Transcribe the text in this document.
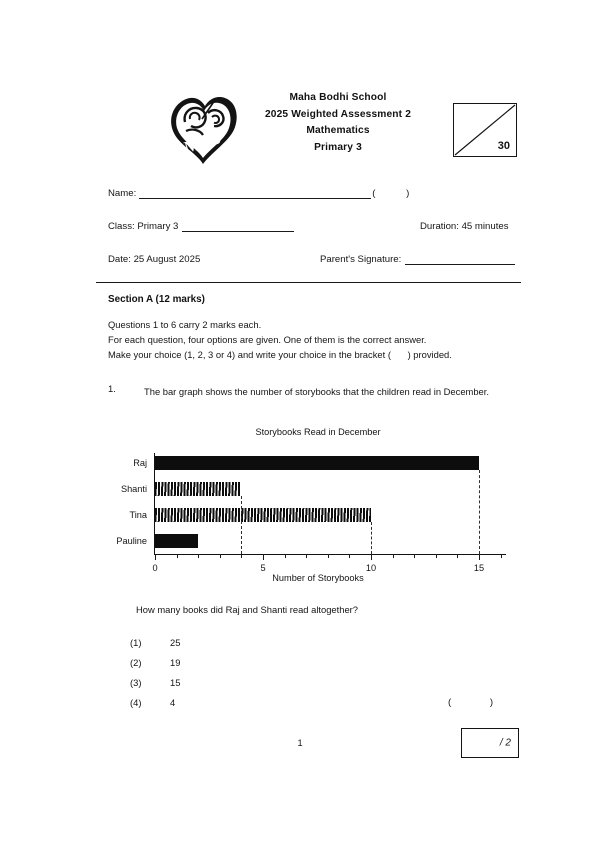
MBS
Maha Bodhi School
2025 Weighted Assessment 2
Mathematics
Primary 3	30
Name:	( )
Class: Primary 3	Duration: 45 minutes
Date: 25 August 2025	Parent's Signature:
Section A (12 marks)
Questions 1 to 6 carry 2 marks each.
For each question, four options are given. One of them is the correct answer.
Make your choice (1, 2, 3 or 4) and write your choice in the bracket ( ) provided.
1.	The bar graph shows the number of storybooks that the children read in December.
Storybooks Read in December
Raj
Shanti
Tina
Pauline
0	5	10	15
Number of Storybooks
How many books did Raj and Shanti read altogether?
(1)	25
(2)	19
(3)	15
(4)	4	( )
1	/ 2
